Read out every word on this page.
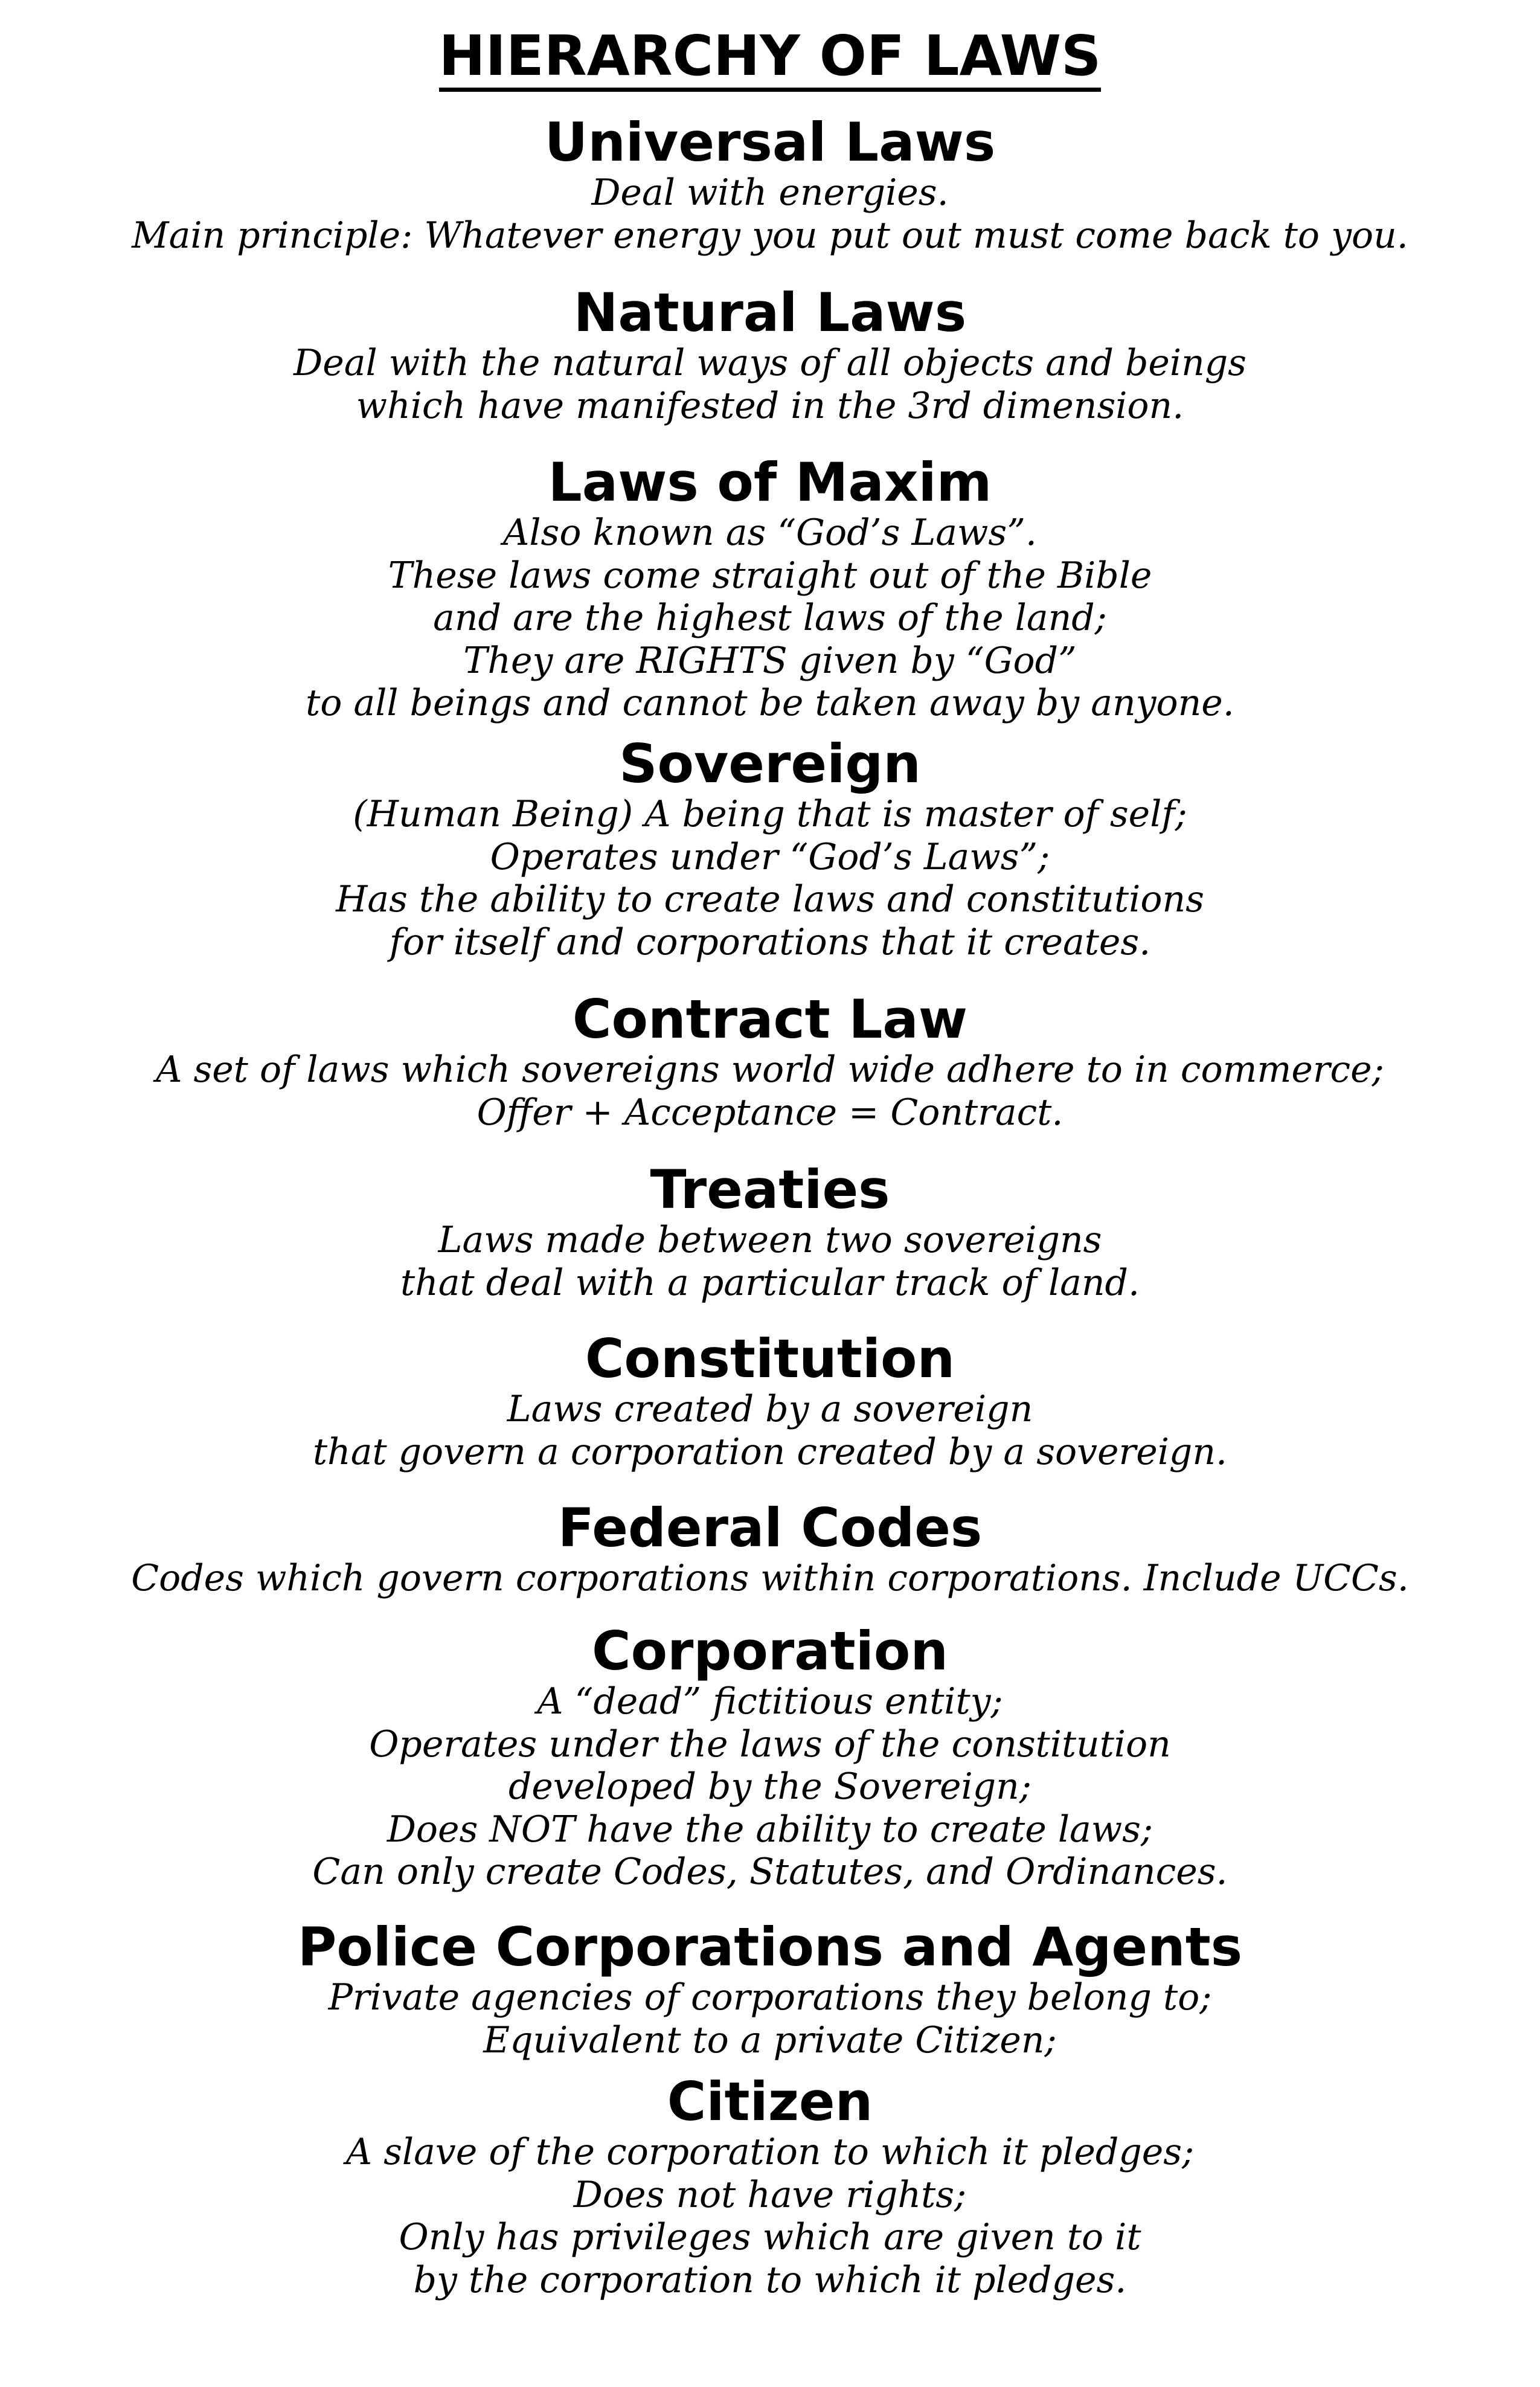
HIERARCHY OF LAWS
Universal Laws

Deal with energies.

Main principle: Whatever energy you put out must come back to you.

Natural Laws

Deal with the natural ways of all objects and beings

which have manifested in the 3rd dimension.

Laws of Maxim

Also known as “God’s Laws”.

These laws come straight out of the Bible

and are the highest laws of the land;

They are RIGHTS given by “God”

to all beings and cannot be taken away by anyone.

Sovereign

(Human Being) A being that is master of self;

Operates under “God’s Laws”;

Has the ability to create laws and constitutions

for itself and corporations that it creates.

Contract Law

A set of laws which sovereigns world wide adhere to in commerce;

Offer + Acceptance = Contract.

Treaties

Laws made between two sovereigns

that deal with a particular track of land.

Constitution

Laws created by a sovereign

that govern a corporation created by a sovereign.

Federal Codes

Codes which govern corporations within corporations. Include UCCs.

Corporation

A “dead” fictitious entity;

Operates under the laws of the constitution

developed by the Sovereign;

Does NOT have the ability to create laws;

Can only create Codes, Statutes, and Ordinances.

Police Corporations and Agents

Private agencies of corporations they belong to;

Equivalent to a private Citizen;

Citizen

A slave of the corporation to which it pledges;

Does not have rights;

Only has privileges which are given to it

by the corporation to which it pledges.
